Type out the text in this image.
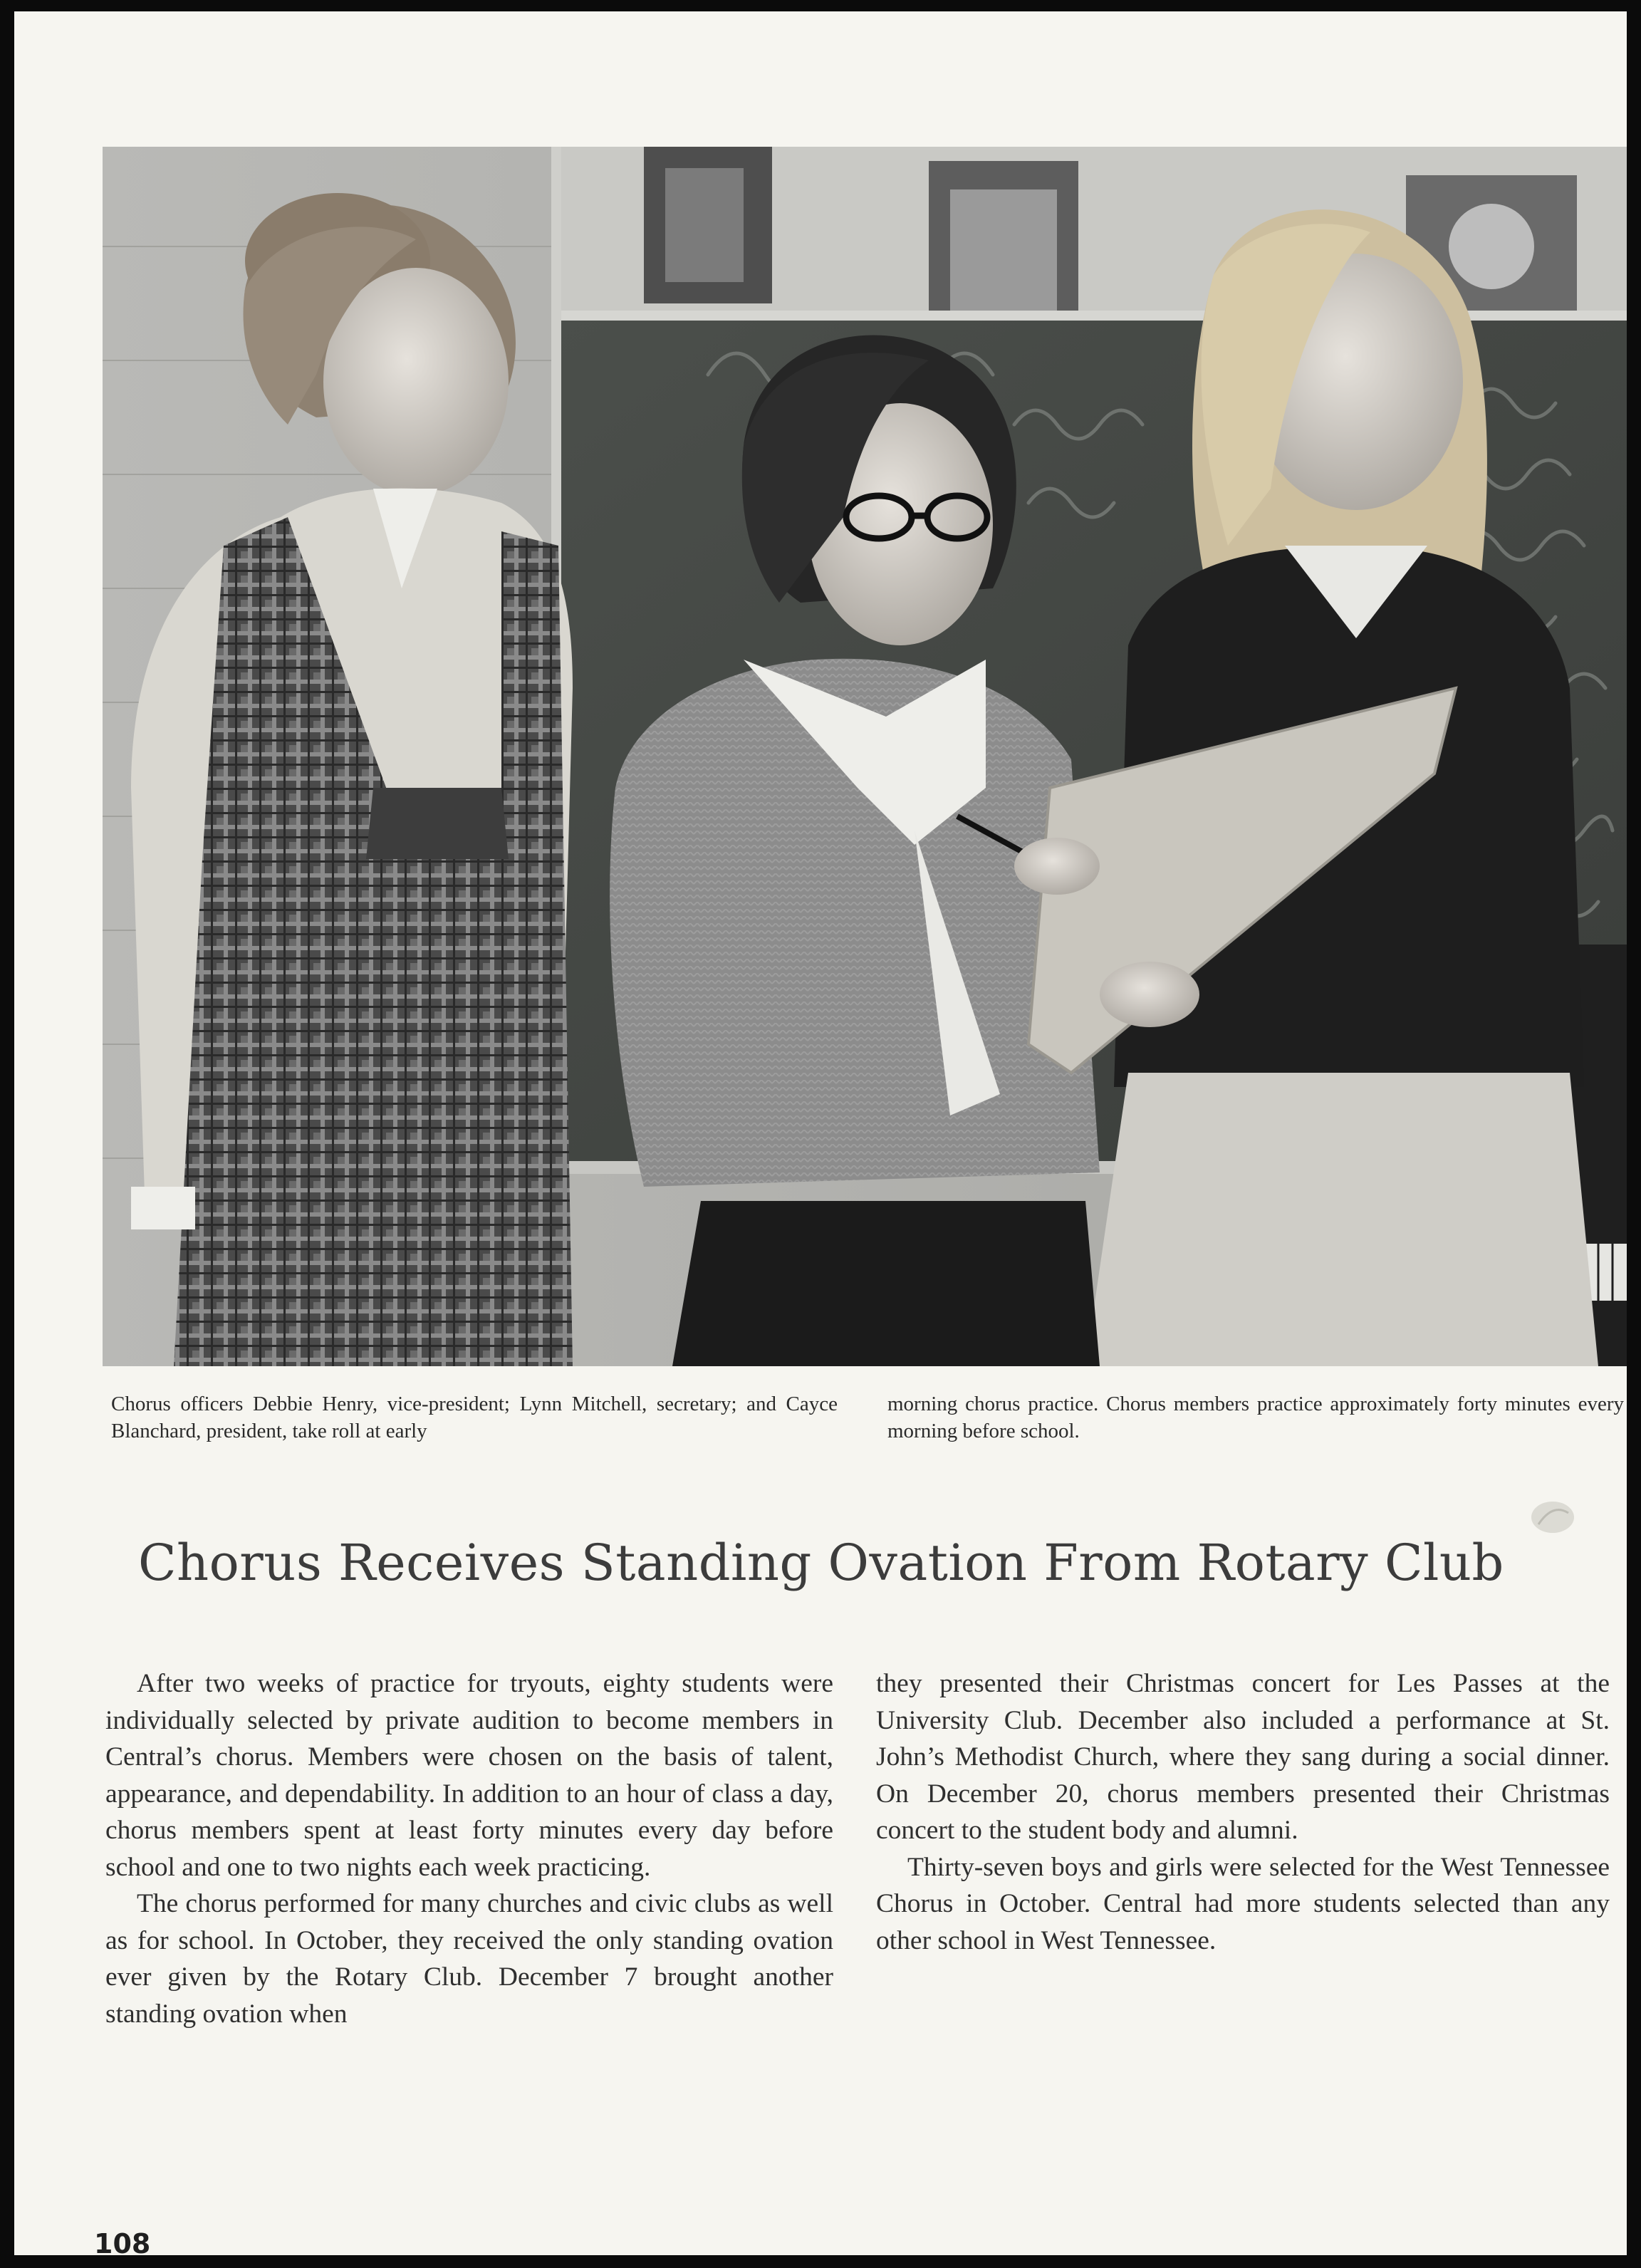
Chorus officers Debbie Henry, vice-president; Lynn Mitchell, secretary; and Cayce Blanchard, president, take roll at early

morning chorus practice. Chorus members practice approximately forty minutes every morning before school.

Chorus Receives Standing Ovation From Rotary Club

After two weeks of practice for tryouts, eighty students were individually selected by private audition to become members in Central’s chorus. Members were chosen on the basis of talent, appearance, and dependability. In addition to an hour of class a day, chorus members spent at least forty minutes every day before school and one to two nights each week practicing.

The chorus performed for many churches and civic clubs as well as for school. In October, they received the only standing ovation ever given by the Rotary Club. December 7 brought another standing ovation when

they presented their Christmas concert for Les Passes at the University Club. December also included a performance at St. John’s Methodist Church, where they sang during a social dinner. On December 20, chorus members presented their Christmas concert to the student body and alumni.

Thirty-seven boys and girls were selected for the West Tennessee Chorus in October. Central had more students selected than any other school in West Tennessee.

108
